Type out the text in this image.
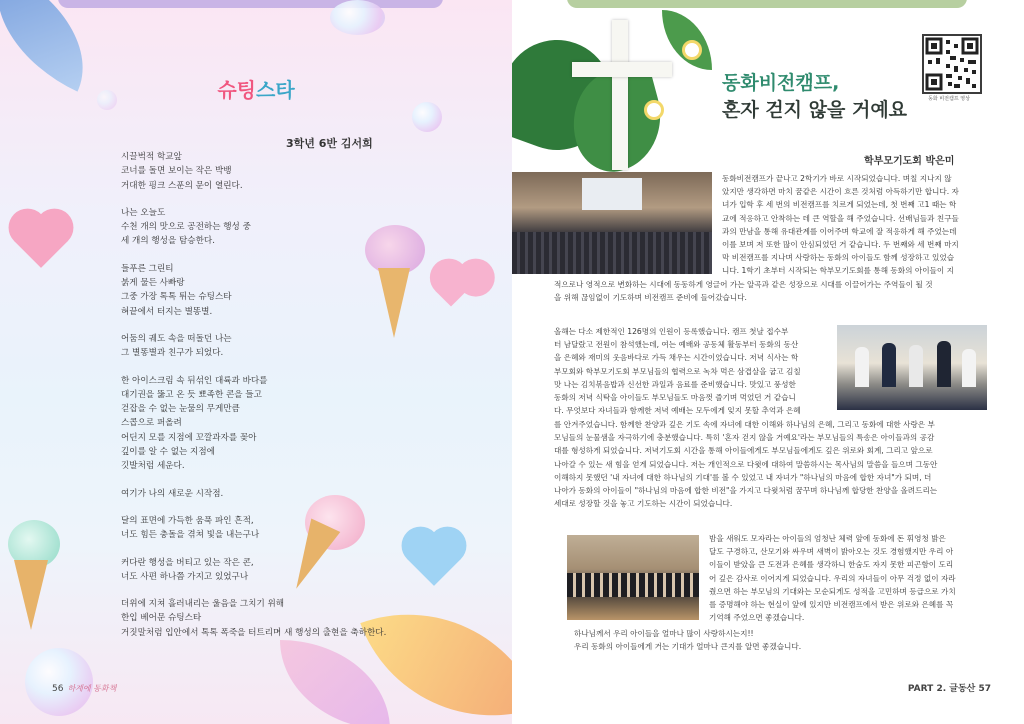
슈팅스타
3학년 6반 김서희
시끌벅적 학교앞
코너를 돌면 보이는 작은 박뱅
거대한 핑크 스푼의 문이 열린다.
나는 오늘도
수천 개의 맛으로 공전하는 행성 중
세 개의 행성을 탐승한다.
들푸른 그린티
붉게 물든 사빠랑
그중 가장 톡톡 튀는 슈팅스타
혀끝에서 터지는 별똥별.
어둠의 궤도 속을 떠돌던 나는
그 별똥별과 친구가 되었다.
한 아이스크림 속 뒤섞인 대륙과 바다를
대기권을 뚫고 온 듯 뾰족한 콘을 들고
걷잡을 수 없는 눈물의 무게만큼
스콥으로 퍼올려
어딘지 모를 지점에 꼬깔과자를 꽂아
깊이를 알 수 없는 지점에
깃발처럼 세운다.
여기가 나의 새로운 시작점.
달의 표면에 가득한 움푹 파인 흔적,
너도 힘든 충돌을 겪쳐 빛을 내는구나
커다란 행성을 버티고 있는 작은 콘,
너도 사편 하나쯤 가지고 있었구나
더위에 지쳐 흘러내리는 울음을 그치기 위해
한입 베어문 슈팅스타
거짓말처럼 입안에서 톡톡 폭죽을 터트리며 새 행성의 출현을 축하한다.
56 하계에 동화책
동화비전캠프,
혼자 걷지 않을 거예요	동화 비전캠프 영상
학부모기도회 박은미
동화비전캠프가 끝나고 2학기가 바로 시작되었습니다. 며칠 지나지 않
았지만 생각하면 마치 꿈같은 시간이 흐른 것처럼 아득하기만 합니다. 자
녀가 입학 후 세 번의 비전캠프를 치르게 되었는데, 첫 번째 고1 때는 학
교에 적응하고 안착하는 데 큰 역할을 해 주었습니다. 선배님들과 친구들
과의 만남을 통해 유대관계를 이어주며 학교에 잘 적응하게 해 주었는데
이를 보며 저 또한 많이 안심되었던 거 같습니다. 두 번째와 세 번째 마지
막 비전캠프를 지나며 사랑하는 동화의 아이들도 함께 성장하고 있었습
니다. 1학기 초부터 시작되는 학부모기도회를 통해 동화의 아이들이 지
적으로나 영적으로 변화하는 시대에 동동하게 영글어 가는 알곡과 같은 성장으로 시대를 이끌어가는 주역들이 될 것
을 위해 끊임없이 기도하며 비전캠프 준비에 들어갔습니다.
올해는 다소 제한적인 126명의 인원이 등록했습니다. 캠프 첫날 접수부
터 남달랐고 전원이 참석했는데, 여는 예배와 공동체 활동부터 동화의 동산
을 은혜와 재미의 웃음바다로 가득 채우는 시간이었습니다. 저녁 식사는 학
부모회와 학부모기도회 부모님들의 협력으로 녹차 먹은 삼겹살을 굽고 김칠
맛 나는 김치볶음밥과 신선한 과일과 음료를 준비했습니다. 맛있고 풍성한
동화의 저녁 식탁을 아이들도 부모님들도 마음껏 즐기며 먹었던 거 같습니
다. 무엇보다 자녀들과 함께한 저녁 예배는 모두에게 잊지 못할 추억과 은혜
를 안겨주었습니다. 함께한 찬양과 깊은 기도 속에 자녀에 대한 이해와 하나님의 은혜, 그리고 동화에 대한 사랑은 부
모님들의 눈물샘을 자극하기에 충분했습니다. 특히 '혼자 걷지 않을 거예요'라는 부모님들의 특송은 아이들과의 공감
대를 형성하게 되었습니다. 저녁기도회 시간을 통해 아이들에게도 부모님들에게도 깊은 위로와 회계, 그리고 앞으로
나아갈 수 있는 새 힘을 얻게 되었습니다. 저는 개인적으로 다윗에 대하여 말씀하시는 목사님의 말씀을 들으며 그동안
이해하지 못했던 '내 자녀에 대한 하나님의 기대'를 볼 수 있었고 내 자녀가 "하나님의 마음에 합한 자녀"가 되며, 더
나아가 동화의 아이들이 "하나님의 마음에 합한 비전"을 가지고 다윗처럼 꿈꾸며 하나님께 합당한 찬양을 올려드리는
세대로 성장할 것을 놓고 기도하는 시간이 되었습니다.
밤을 새워도 모자라는 아이들의 엄청난 체력 앞에 동화에 돈 휘영청 밝은
달도 구경하고, 산모기와 싸우며 새벽이 밝아오는 것도 경험했지만 우리 아
이들이 받았을 큰 도전과 은혜를 생각하니 한숨도 자지 못한 피곤함이 도리
어 깊은 감사로 이어지게 되었습니다. 우리의 자녀들이 아무 걱정 없이 자라
줬으면 하는 부모님의 기대와는 모순되게도 성적을 고민하며 등급으로 가치
를 증명해야 하는 현실이 앞에 있지만 비전캠프에서 받은 위로와 은혜를 꼭
기억해 주었으면 좋겠습니다.
하나님께서 우리 아이들을 얼마나 많이 사랑하시는지!!
우리 동화의 아이들에게 거는 기대가 얼마나 큰지를 알면 좋겠습니다.
PART 2. 글동산 57
